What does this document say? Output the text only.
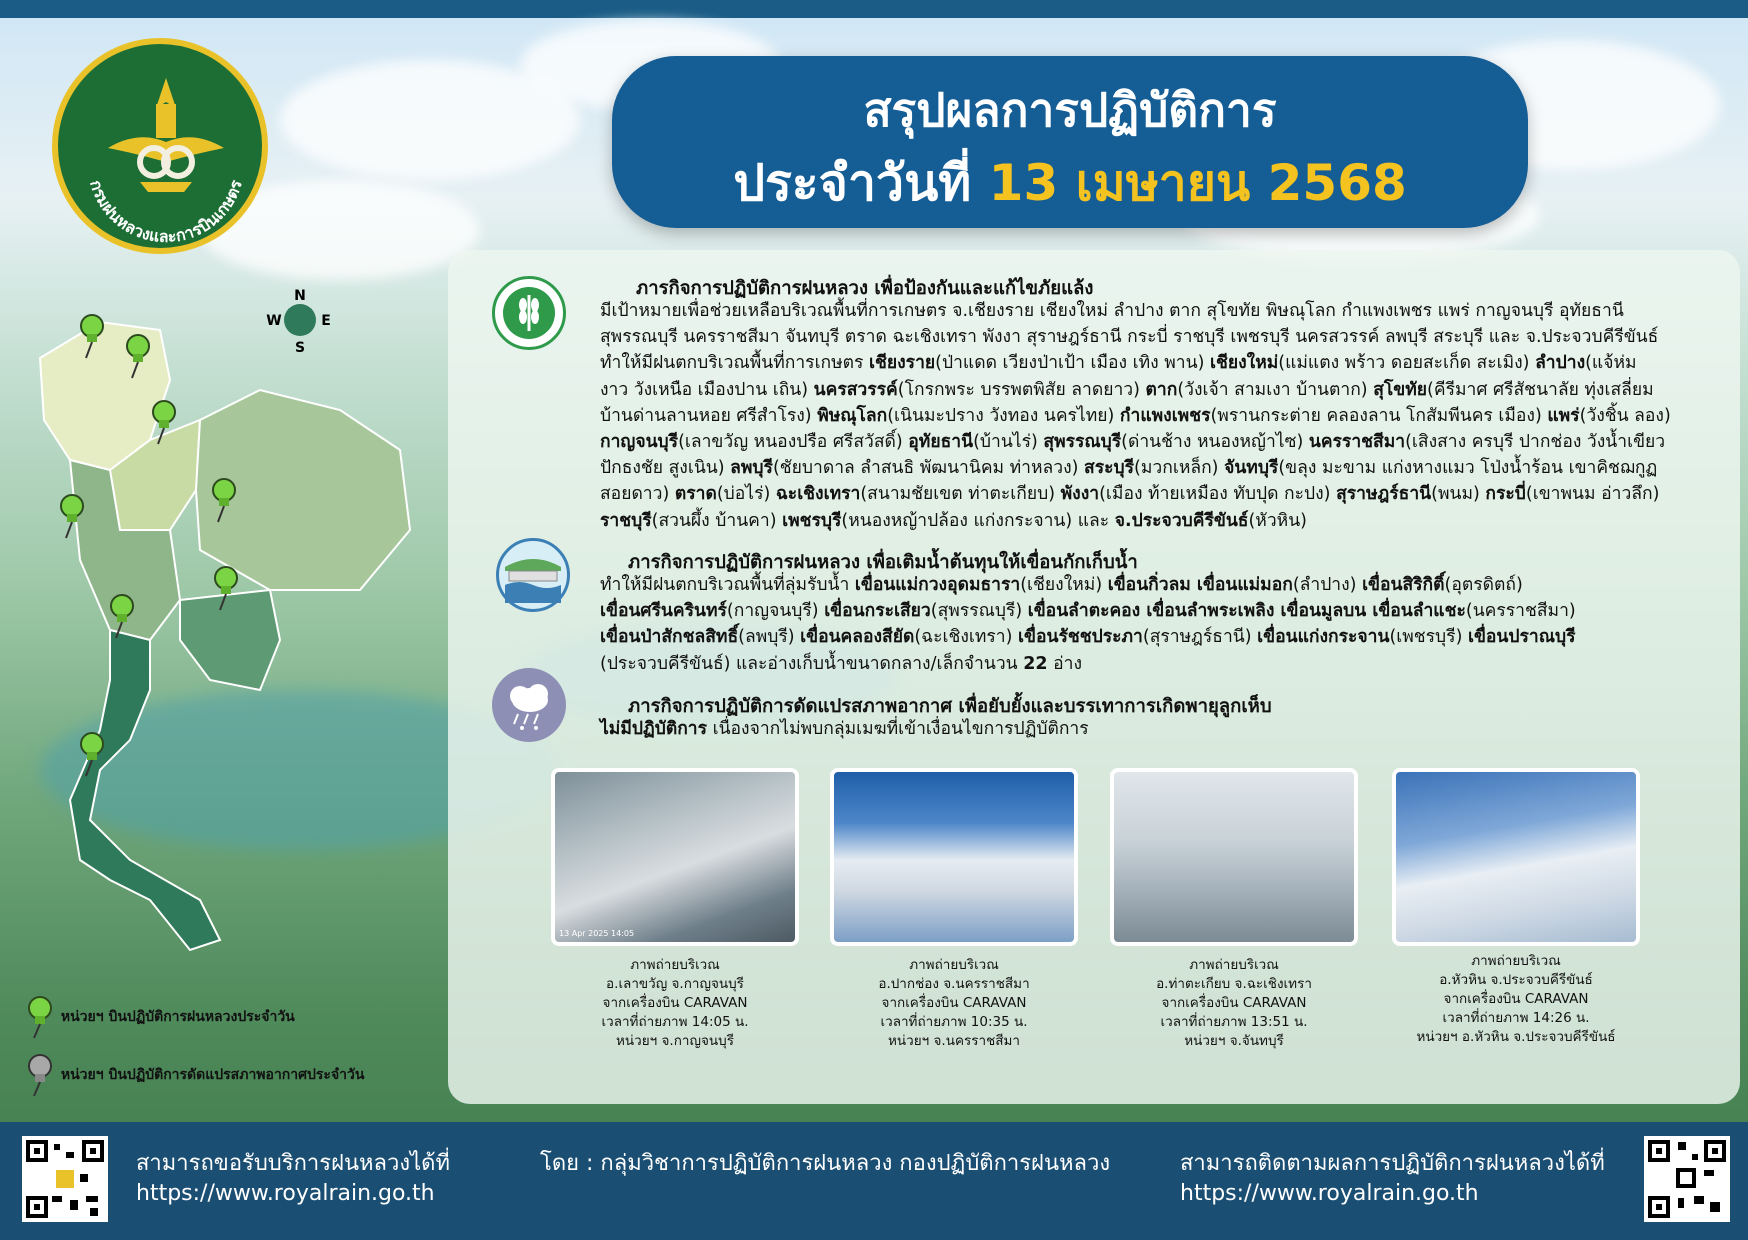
กรมฝนหลวงและการบินเกษตร
สรุปผลการปฏิบัติการ
ประจำวันที่ 13 เมษายน 2568
N
S
W	E
หน่วยฯ บินปฏิบัติการฝนหลวงประจำวัน
หน่วยฯ บินปฏิบัติการดัดแปรสภาพอากาศประจำวัน
ภารกิจการปฏิบัติการฝนหลวง เพื่อป้องกันและแก้ไขภัยแล้ง
มีเป้าหมายเพื่อช่วยเหลือบริเวณพื้นที่การเกษตร จ.เชียงราย เชียงใหม่ ลำปาง ตาก สุโขทัย พิษณุโลก กำแพงเพชร แพร่ กาญจนบุรี อุทัยธานี
สุพรรณบุรี นครราชสีมา จันทบุรี ตราด ฉะเชิงเทรา พังงา สุราษฎร์ธานี กระบี่ ราชบุรี เพชรบุรี นครสวรรค์ ลพบุรี สระบุรี และ จ.ประจวบคีรีขันธ์
ทำให้มีฝนตกบริเวณพื้นที่การเกษตร เชียงราย(ป่าแดด เวียงป่าเป้า เมือง เทิง พาน) เชียงใหม่(แม่แตง พร้าว ดอยสะเก็ด สะเมิง) ลำปาง(แจ้ห่ม
งาว วังเหนือ เมืองปาน เถิน) นครสวรรค์(โกรกพระ บรรพตพิสัย ลาดยาว) ตาก(วังเจ้า สามเงา บ้านตาก) สุโขทัย(คีรีมาศ ศรีสัชนาลัย ทุ่งเสลี่ยม
บ้านด่านลานหอย ศรีสำโรง) พิษณุโลก(เนินมะปราง วังทอง นครไทย) กำแพงเพชร(พรานกระต่าย คลองลาน โกสัมพีนคร เมือง) แพร่(วังชิ้น ลอง)
กาญจนบุรี(เลาขวัญ หนองปรือ ศรีสวัสดิ์) อุทัยธานี(บ้านไร่) สุพรรณบุรี(ด่านช้าง หนองหญ้าไซ) นครราชสีมา(เสิงสาง ครบุรี ปากช่อง วังน้ำเขียว
ปักธงชัย สูงเนิน) ลพบุรี(ชัยบาดาล ลำสนธิ พัฒนานิคม ท่าหลวง) สระบุรี(มวกเหล็ก) จันทบุรี(ขลุง มะขาม แก่งหางแมว โป่งน้ำร้อน เขาคิชฌกูฏ
สอยดาว) ตราด(บ่อไร่) ฉะเชิงเทรา(สนามชัยเขต ท่าตะเกียบ) พังงา(เมือง ท้ายเหมือง ทับปุด กะปง) สุราษฎร์ธานี(พนม) กระบี่(เขาพนม อ่าวลึก)
ราชบุรี(สวนผึ้ง บ้านคา) เพชรบุรี(หนองหญ้าปล้อง แก่งกระจาน) และ จ.ประจวบคีรีขันธ์(หัวหิน)
ภารกิจการปฏิบัติการฝนหลวง เพื่อเติมน้ำต้นทุนให้เขื่อนกักเก็บน้ำ
ทำให้มีฝนตกบริเวณพื้นที่ลุ่มรับน้ำ เขื่อนแม่กวงอุดมธารา(เชียงใหม่) เขื่อนกิ่วลม เขื่อนแม่มอก(ลำปาง) เขื่อนสิริกิติ์(อุตรดิตถ์)
เขื่อนศรีนครินทร์(กาญจนบุรี) เขื่อนกระเสียว(สุพรรณบุรี) เขื่อนลำตะคอง เขื่อนลำพระเพลิง เขื่อนมูลบน เขื่อนลำแชะ(นครราชสีมา)
เขื่อนป่าสักชลสิทธิ์(ลพบุรี) เขื่อนคลองสียัด(ฉะเชิงเทรา) เขื่อนรัชชประภา(สุราษฎร์ธานี) เขื่อนแก่งกระจาน(เพชรบุรี) เขื่อนปราณบุรี
(ประจวบคีรีขันธ์) และอ่างเก็บน้ำขนาดกลาง/เล็กจำนวน 22 อ่าง
ภารกิจการปฏิบัติการดัดแปรสภาพอากาศ เพื่อยับยั้งและบรรเทาการเกิดพายุลูกเห็บ
ไม่มีปฏิบัติการ เนื่องจากไม่พบกลุ่มเมฆที่เข้าเงื่อนไขการปฏิบัติการ
13 Apr 2025 14:05
ภาพถ่ายบริเวณ
อ.เลาขวัญ จ.กาญจนบุรี
จากเครื่องบิน CARAVAN
เวลาที่ถ่ายภาพ 14:05 น.
หน่วยฯ จ.กาญจนบุรี
ภาพถ่ายบริเวณ
อ.ปากช่อง จ.นครราชสีมา
จากเครื่องบิน CARAVAN
เวลาที่ถ่ายภาพ 10:35 น.
หน่วยฯ จ.นครราชสีมา
ภาพถ่ายบริเวณ
อ.ท่าตะเกียบ จ.ฉะเชิงเทรา
จากเครื่องบิน CARAVAN
เวลาที่ถ่ายภาพ 13:51 น.
หน่วยฯ จ.จันทบุรี
ภาพถ่ายบริเวณ
อ.หัวหิน จ.ประจวบคีรีขันธ์
จากเครื่องบิน CARAVAN
เวลาที่ถ่ายภาพ 14:26 น.
หน่วยฯ อ.หัวหิน จ.ประจวบคีรีขันธ์
สามารถขอรับบริการฝนหลวงได้ที่
https://www.royalrain.go.th
โดย : กลุ่มวิชาการปฏิบัติการฝนหลวง กองปฏิบัติการฝนหลวง	สามารถติดตามผลการปฏิบัติการฝนหลวงได้ที่
https://www.royalrain.go.th
